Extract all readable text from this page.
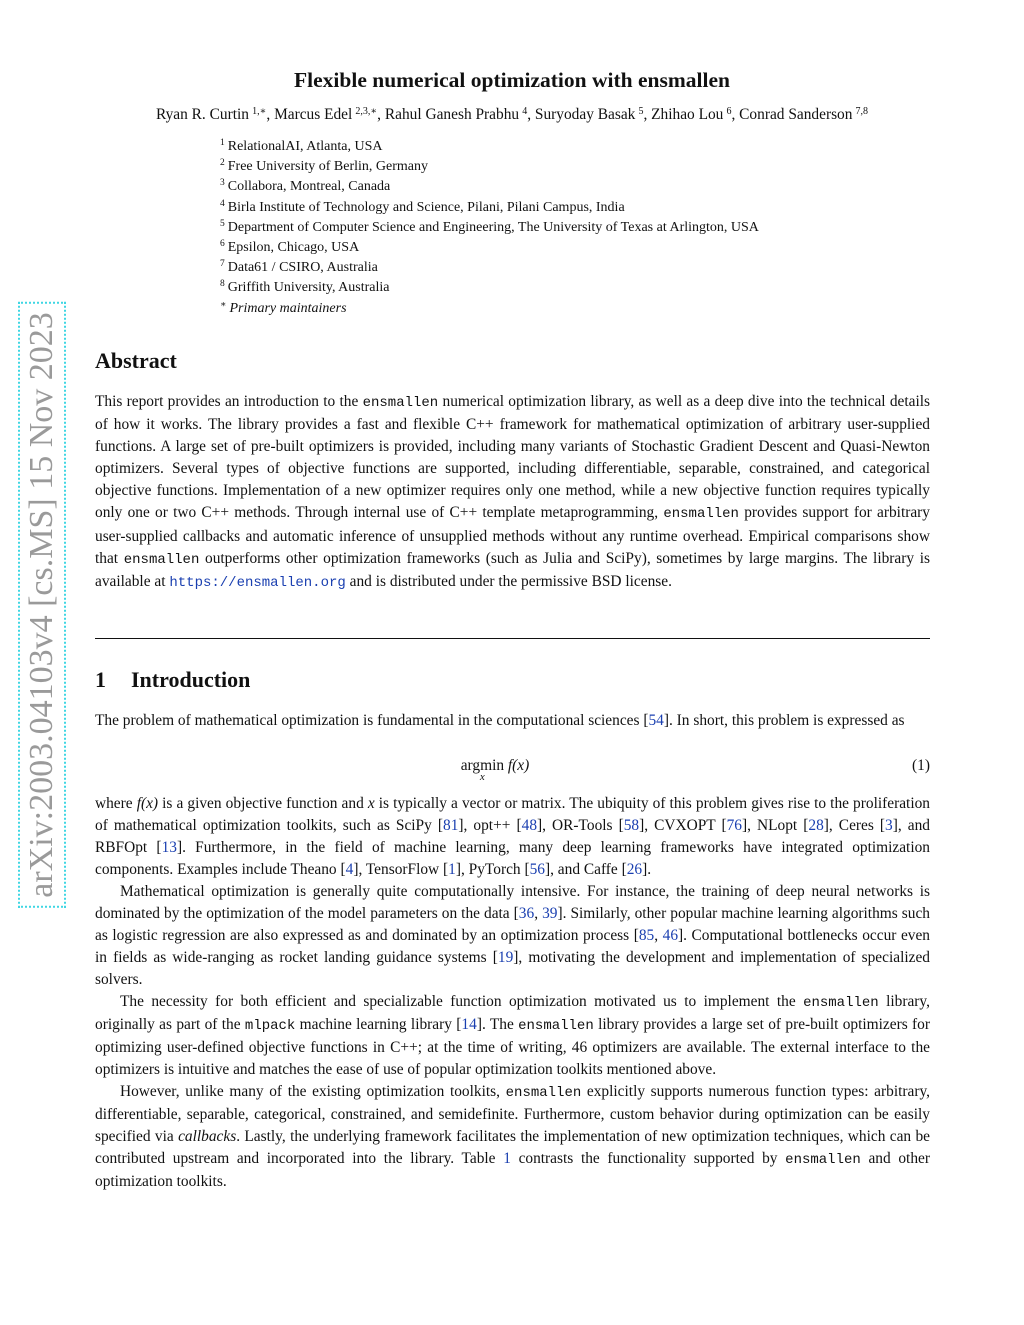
arXiv:2003.04103v4 [cs.MS] 15 Nov 2023
Flexible numerical optimization with ensmallen
Ryan R. Curtin  $^{1,∗}$, Marcus Edel  $^{2,3,∗}$, Rahul Ganesh Prabhu  $^4$, Suryoday Basak  $^5$, Zhihao Lou  $^6$, Conrad Sanderson  $^{7,8}$
$^1$ RelationalAI, Atlanta, USA
$^2$ Free University of Berlin, Germany
$^3$ Collabora, Montreal, Canada
$^4$ Birla Institute of Technology and Science, Pilani, Pilani Campus, India
$^5$ Department of Computer Science and Engineering, The University of Texas at Arlington, USA
$^6$ Epsilon, Chicago, USA
$^7$ Data61 / CSIRO, Australia
$^8$ Griffith University, Australia
∗ Primary maintainers
Abstract
This report provides an introduction to the ensmallen numerical optimization library, as well as a deep dive into the technical details of how it works. The library provides a fast and flexible C++ framework for mathematical optimization of arbitrary user-supplied functions. A large set of pre-built optimizers is provided, including many variants of Stochastic Gradient Descent and Quasi-Newton optimizers. Several types of objective functions are supported, including differentiable, separable, constrained, and categorical objective functions. Implementation of a new optimizer requires only one method, while a new objective function requires typically only one or two C++ methods. Through internal use of C++ template metaprogramming, ensmallen provides support for arbitrary user-supplied callbacks and automatic inference of unsupplied methods without any runtime overhead. Empirical comparisons show that ensmallen outperforms other optimization frameworks (such as Julia and SciPy), sometimes by large margins. The library is available at https://ensmallen.org and is distributed under the permissive BSD license.
1 Introduction
The problem of mathematical optimization is fundamental in the computational sciences [54]. In short, this problem is expressed as
argmin
x
f(x)	(1)

where f(x) is a given objective function and x is typically a vector or matrix. The ubiquity of this problem gives rise to the proliferation of mathematical optimization toolkits, such as SciPy [81], opt++ [48], OR-Tools [58], CVXOPT [76], NLopt [28], Ceres [3], and RBFOpt [13]. Furthermore, in the field of machine learning, many deep learning frameworks have integrated optimization components. Examples include Theano [4], TensorFlow [1], PyTorch [56], and Caffe [26].

Mathematical optimization is generally quite computationally intensive. For instance, the training of deep neural networks is dominated by the optimization of the model parameters on the data [36, 39]. Similarly, other popular machine learning algorithms such as logistic regression are also expressed as and dominated by an optimization process [85, 46]. Computational bottlenecks occur even in fields as wide-ranging as rocket landing guidance systems [19], motivating the development and implementation of specialized solvers.

The necessity for both efficient and specializable function optimization motivated us to implement the ensmallen library, originally as part of the mlpack machine learning library [14]. The ensmallen library provides a large set of pre-built optimizers for optimizing user-defined objective functions in C++; at the time of writing, 46 optimizers are available. The external interface to the optimizers is intuitive and matches the ease of use of popular optimization toolkits mentioned above.

However, unlike many of the existing optimization toolkits, ensmallen explicitly supports numerous function types: arbitrary, differentiable, separable, categorical, constrained, and semidefinite. Furthermore, custom behavior during optimization can be easily specified via callbacks. Lastly, the underlying framework facilitates the implementation of new optimization techniques, which can be contributed upstream and incorporated into the library. Table 1 contrasts the functionality supported by ensmallen and other optimization toolkits.
